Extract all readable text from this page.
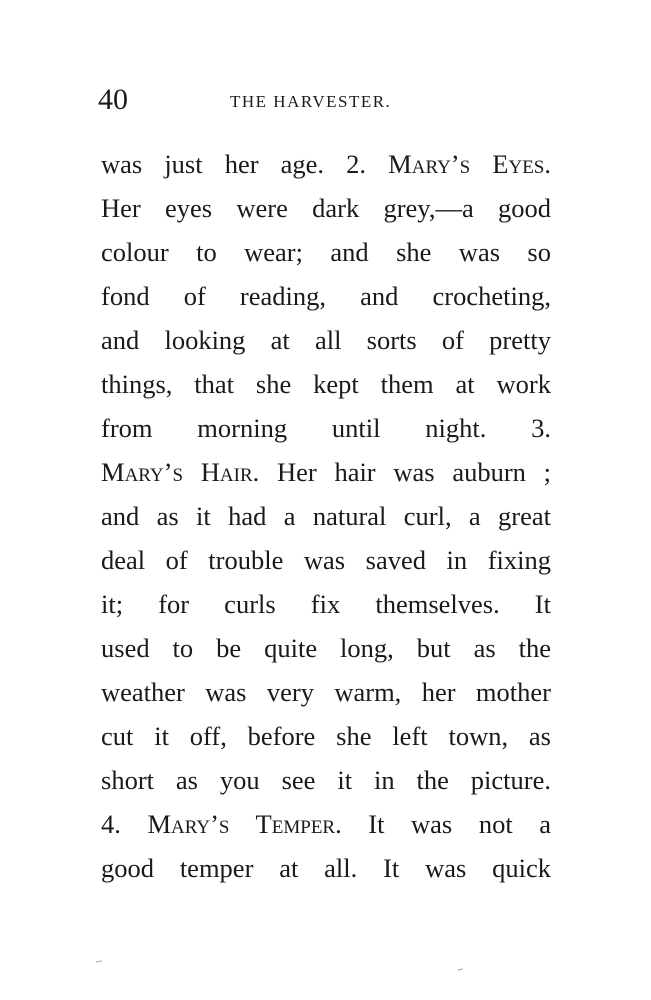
40	THE HARVESTER.
was just her age. 2. Mary’s Eyes.
Her eyes were dark grey,—a good
colour to wear; and she was so
fond of reading, and crocheting,
and looking at all sorts of pretty
things, that she kept them at work
from morning until night. 3.
Mary’s Hair. Her hair was auburn ;
and as it had a natural curl, a great
deal of trouble was saved in fixing
it; for curls fix themselves. It
used to be quite long, but as the
weather was very warm, her mother
cut it off, before she left town, as
short as you see it in the picture.
4. Mary’s Temper. It was not a
good temper at all. It was quick
